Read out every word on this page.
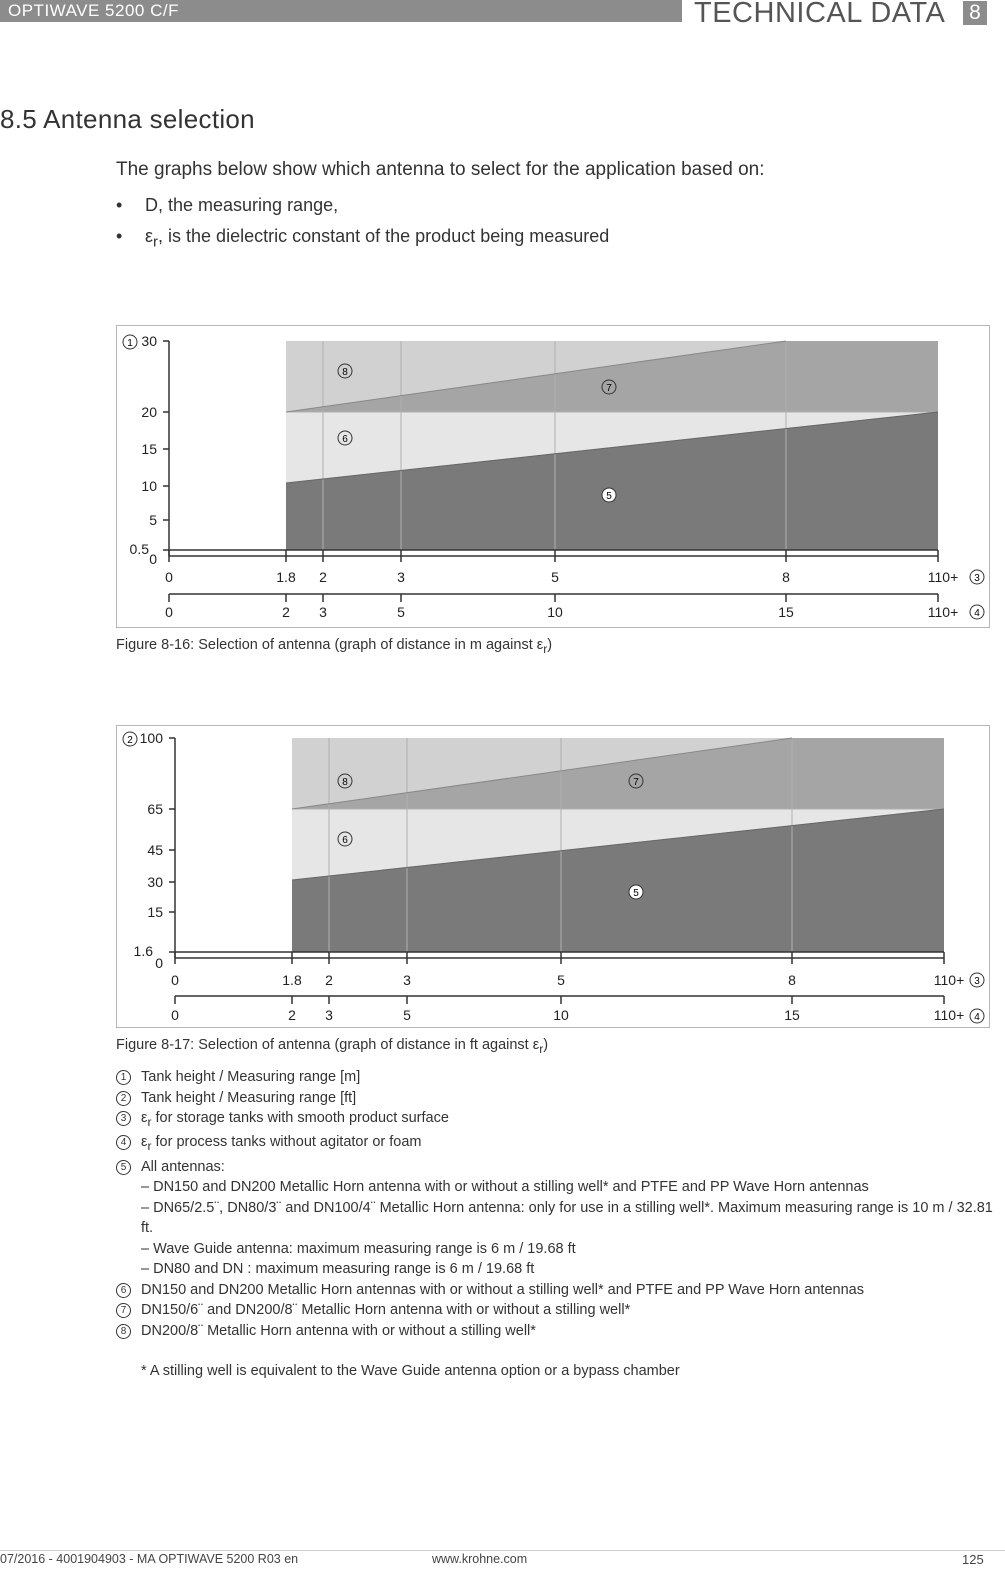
OPTIWAVE 5200 C/F	TECHNICAL DATA 8
8.5 Antenna selection
The graphs below show which antenna to select for the application based on:
• D, the measuring range,
• $\varepsilon_r$, is the dielectric constant of the product being measured
30
20
15
10
5
0.5
0
1
0	1.8 2	3	5	8	110+ 3
0	2 3	5	10	15	110+ 4
8
7
6
5
Figure 8-16: Selection of antenna (graph of distance in m against $\varepsilon_r$)
100
65
45
30
15
1.6
0
2
0	1.8 2	3	5	8	110+ 3
0	2 3	5	10	15	110+ 4
8	7
6
5
Figure 8-17: Selection of antenna (graph of distance in ft against $\varepsilon_r$)
1	Tank height / Measuring range [m]
2	Tank height / Measuring range [ft]
3	$\varepsilon_r$ for storage tanks with smooth product surface
4	$\varepsilon_r$ for process tanks without agitator or foam
5	All antennas:
– DN150 and DN200 Metallic Horn antenna with or without a stilling well* and PTFE and PP Wave Horn antennas
– DN65/2.5¨, DN80/3¨ and DN100/4¨ Metallic Horn antenna: only for use in a stilling well*. Maximum measuring range is 10 m / 32.81 ft.
– Wave Guide antenna: maximum measuring range is 6 m / 19.68 ft
– DN80 and DN : maximum measuring range is 6 m / 19.68 ft
6	DN150 and DN200 Metallic Horn antennas with or without a stilling well* and PTFE and PP Wave Horn antennas
7	DN150/6¨ and DN200/8¨ Metallic Horn antenna with or without a stilling well*
8	DN200/8¨ Metallic Horn antenna with or without a stilling well*
* A stilling well is equivalent to the Wave Guide antenna option or a bypass chamber
07/2016 - 4001904903 - MA OPTIWAVE 5200 R03 en	www.krohne.com	125
